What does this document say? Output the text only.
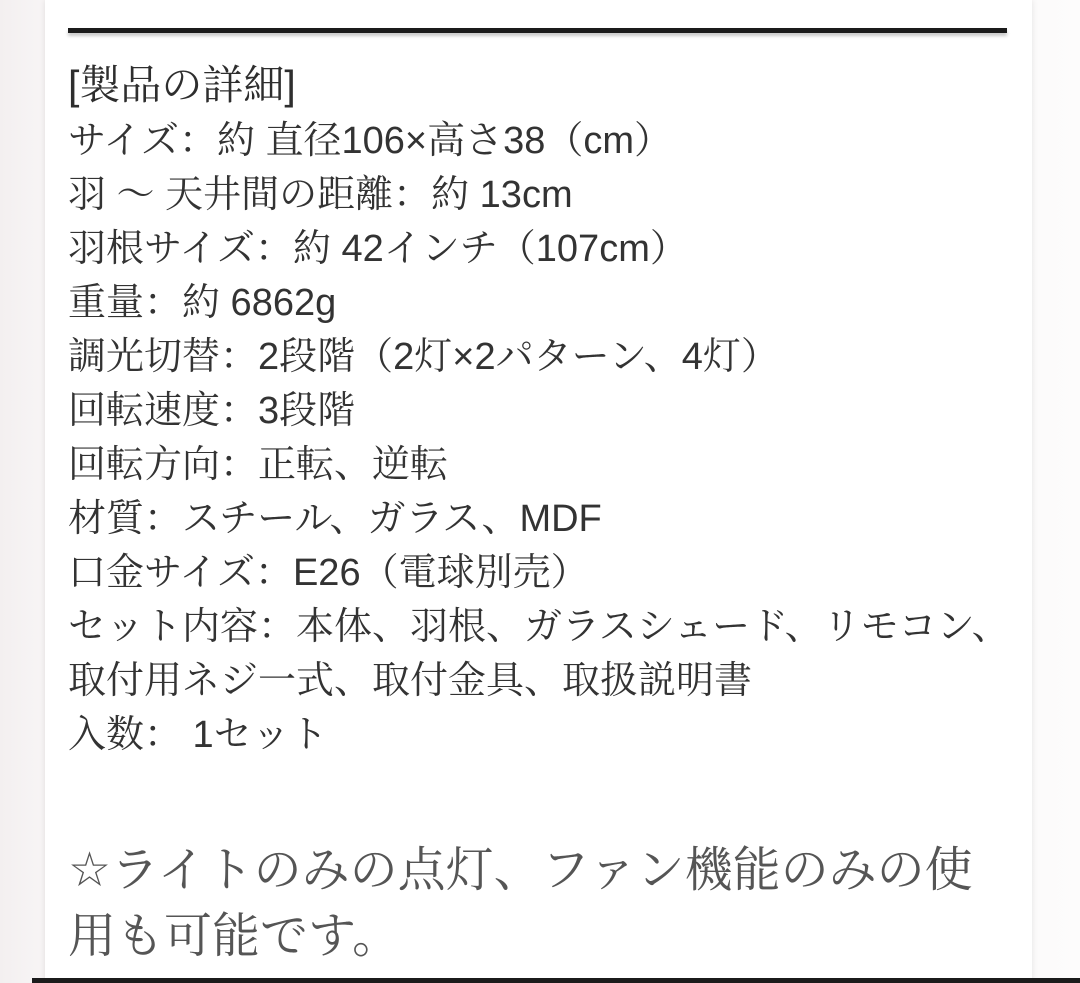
[製品の詳細]
サイズ：約 直径106×高さ38（cm）
羽 〜 天井間の距離：約 13cm
羽根サイズ：約 42インチ（107cm）
重量：約 6862g
調光切替：2段階（2灯×2パターン、4灯）
回転速度：3段階
回転方向：正転、逆転
材質：スチール、ガラス、MDF
口金サイズ：E26（電球別売）
セット内容：本体、羽根、ガラスシェード、リモコン、
取付用ネジ一式、取付金具、取扱説明書
入数： 1セット
☆ライトのみの点灯、ファン機能のみの使
用も可能です。
